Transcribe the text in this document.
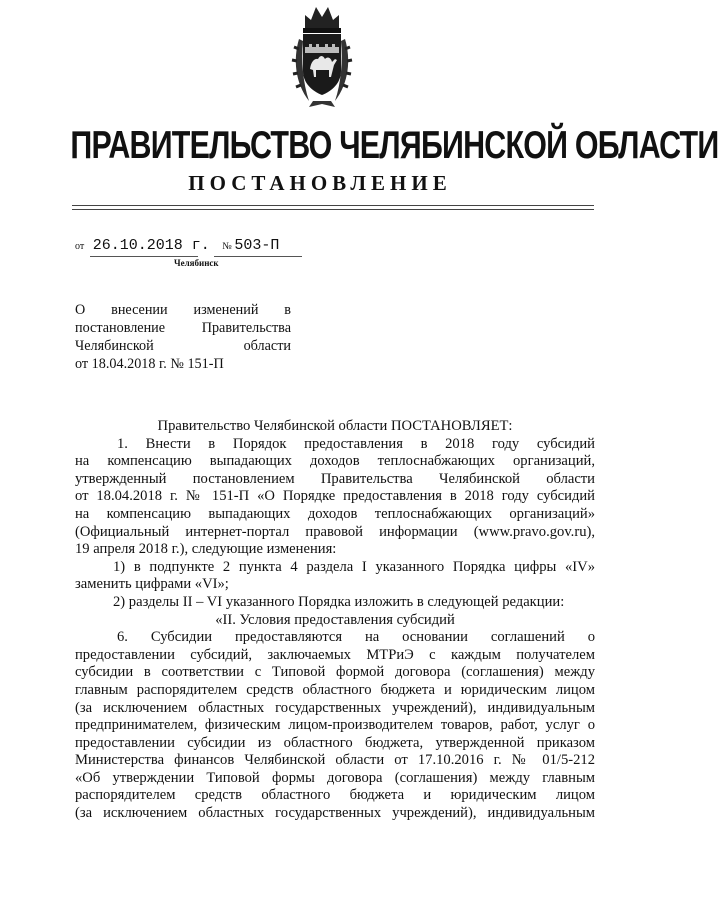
ПРАВИТЕЛЬСТВО ЧЕЛЯБИНСКОЙ ОБЛАСТИ
ПОСТАНОВЛЕНИЕ
от 26.10.2018 г. № 503-П
Челябинск
О внесении изменений в
постановление Правительства
Челябинской области
от 18.04.2018 г. № 151-П
Правительство Челябинской области ПОСТАНОВЛЯЕТ:
1. Внести в Порядок предоставления в 2018 году субсидий
на компенсацию выпадающих доходов теплоснабжающих организаций,
утвержденный постановлением Правительства Челябинской области
от 18.04.2018 г. № 151-П «О Порядке предоставления в 2018 году субсидий
на компенсацию выпадающих доходов теплоснабжающих организаций»
(Официальный интернет-портал правовой информации (www.pravo.gov.ru),
19 апреля 2018 г.), следующие изменения:
1) в подпункте 2 пункта 4 раздела I указанного Порядка цифры «IV»
заменить цифрами «VI»;
2) разделы II – VI указанного Порядка изложить в следующей редакции:
«II. Условия предоставления субсидий
6. Субсидии предоставляются на основании соглашений о
предоставлении субсидий, заключаемых МТРиЭ с каждым получателем
субсидии в соответствии с Типовой формой договора (соглашения) между
главным распорядителем средств областного бюджета и юридическим лицом
(за исключением областных государственных учреждений), индивидуальным
предпринимателем, физическим лицом-производителем товаров, работ, услуг о
предоставлении субсидии из областного бюджета, утвержденной приказом
Министерства финансов Челябинской области от 17.10.2016 г. № 01/5-212
«Об утверждении Типовой формы договора (соглашения) между главным
распорядителем средств областного бюджета и юридическим лицом
(за исключением областных государственных учреждений), индивидуальным
